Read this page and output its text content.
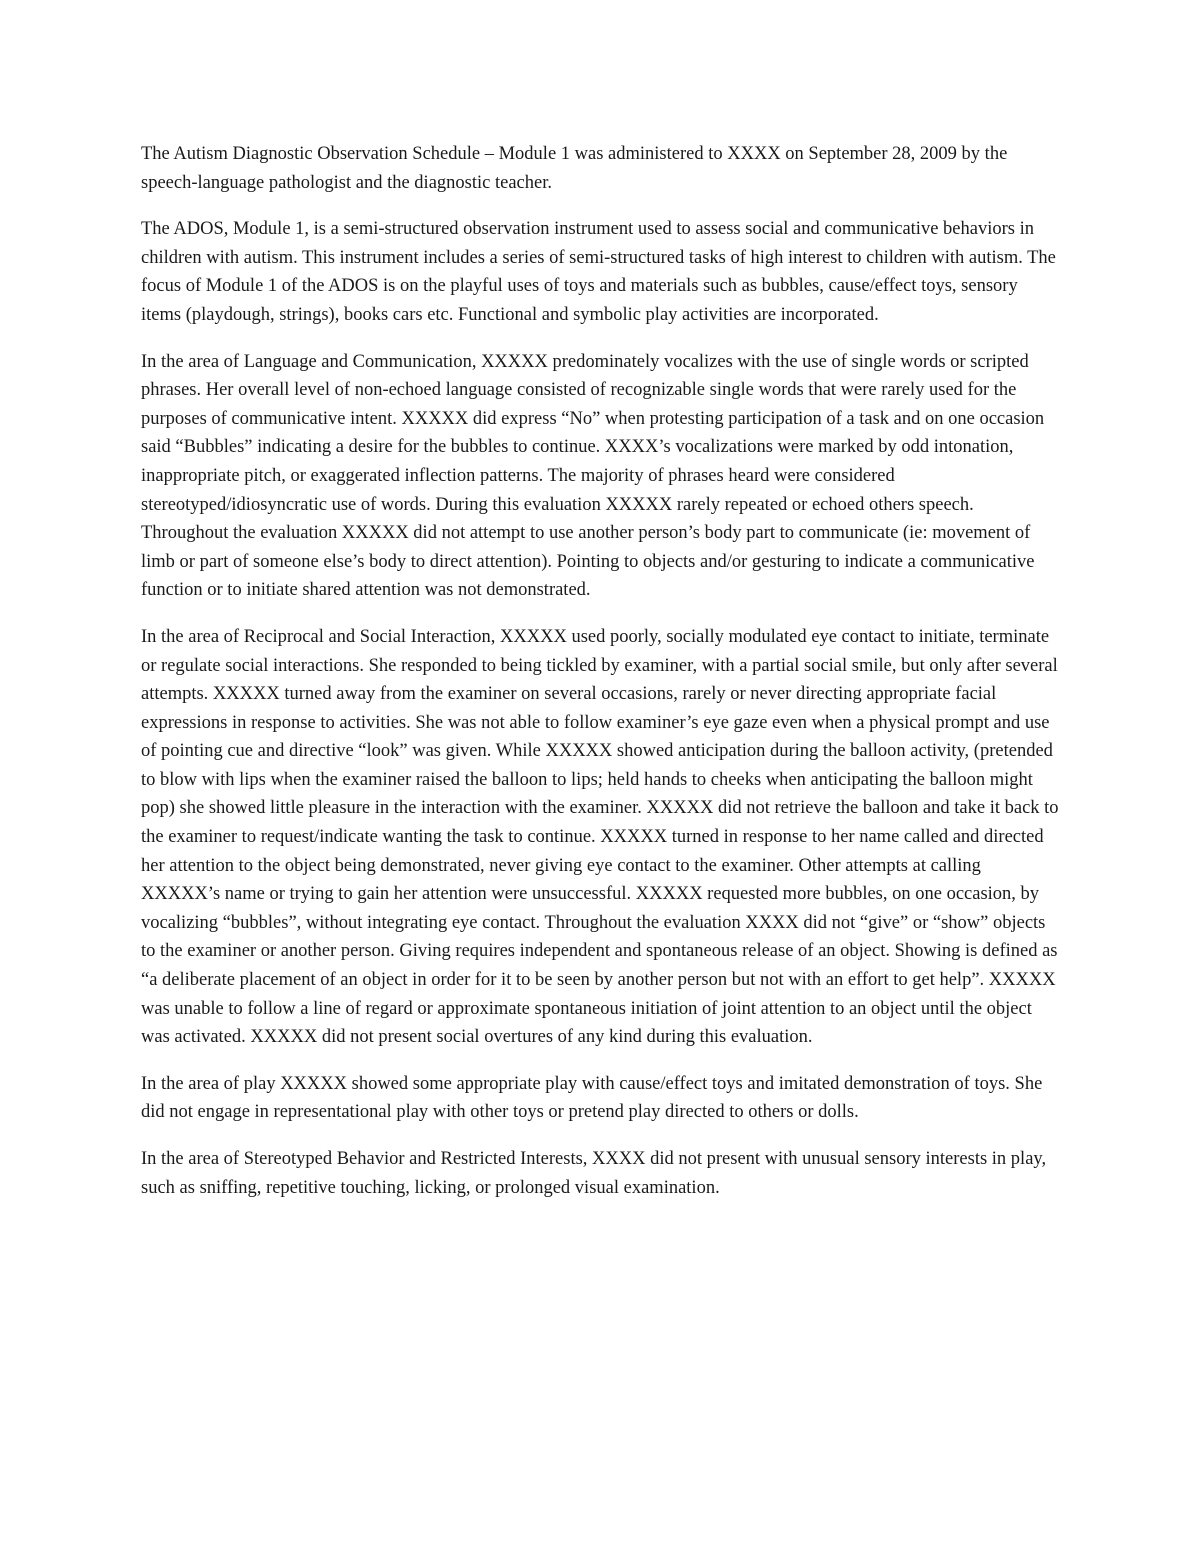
The Autism Diagnostic Observation Schedule – Module 1 was administered to XXXX on September 28, 2009 by the speech-language pathologist and the diagnostic teacher.

The ADOS, Module 1, is a semi-structured observation instrument used to assess social and communicative behaviors in children with autism. This instrument includes a series of semi-structured tasks of high interest to children with autism. The focus of Module 1 of the ADOS is on the playful uses of toys and materials such as bubbles, cause/effect toys, sensory items (playdough, strings), books cars etc. Functional and symbolic play activities are incorporated.

In the area of Language and Communication, XXXXX predominately vocalizes with the use of single words or scripted phrases. Her overall level of non-echoed language consisted of recognizable single words that were rarely used for the purposes of communicative intent. XXXXX did express “No” when protesting participation of a task and on one occasion said “Bubbles” indicating a desire for the bubbles to continue. XXXX’s vocalizations were marked by odd intonation, inappropriate pitch, or exaggerated inflection patterns. The majority of phrases heard were considered stereotyped/idiosyncratic use of words. During this evaluation XXXXX rarely repeated or echoed others speech. Throughout the evaluation XXXXX did not attempt to use another person’s body part to communicate (ie: movement of limb or part of someone else’s body to direct attention). Pointing to objects and/or gesturing to indicate a communicative function or to initiate shared attention was not demonstrated.

In the area of Reciprocal and Social Interaction, XXXXX used poorly, socially modulated eye contact to initiate, terminate or regulate social interactions. She responded to being tickled by examiner, with a partial social smile, but only after several attempts. XXXXX turned away from the examiner on several occasions, rarely or never directing appropriate facial expressions in response to activities. She was not able to follow examiner’s eye gaze even when a physical prompt and use of pointing cue and directive “look” was given. While XXXXX showed anticipation during the balloon activity, (pretended to blow with lips when the examiner raised the balloon to lips; held hands to cheeks when anticipating the balloon might pop) she showed little pleasure in the interaction with the examiner. XXXXX did not retrieve the balloon and take it back to the examiner to request/indicate wanting the task to continue. XXXXX turned in response to her name called and directed her attention to the object being demonstrated, never giving eye contact to the examiner. Other attempts at calling XXXXX’s name or trying to gain her attention were unsuccessful. XXXXX requested more bubbles, on one occasion, by vocalizing “bubbles”, without integrating eye contact. Throughout the evaluation XXXX did not “give” or “show” objects to the examiner or another person. Giving requires independent and spontaneous release of an object. Showing is defined as “a deliberate placement of an object in order for it to be seen by another person but not with an effort to get help”. XXXXX was unable to follow a line of regard or approximate spontaneous initiation of joint attention to an object until the object was activated. XXXXX did not present social overtures of any kind during this evaluation.

In the area of play XXXXX showed some appropriate play with cause/effect toys and imitated demonstration of toys. She did not engage in representational play with other toys or pretend play directed to others or dolls.

In the area of Stereotyped Behavior and Restricted Interests, XXXX did not present with unusual sensory interests in play, such as sniffing, repetitive touching, licking, or prolonged visual examination.
